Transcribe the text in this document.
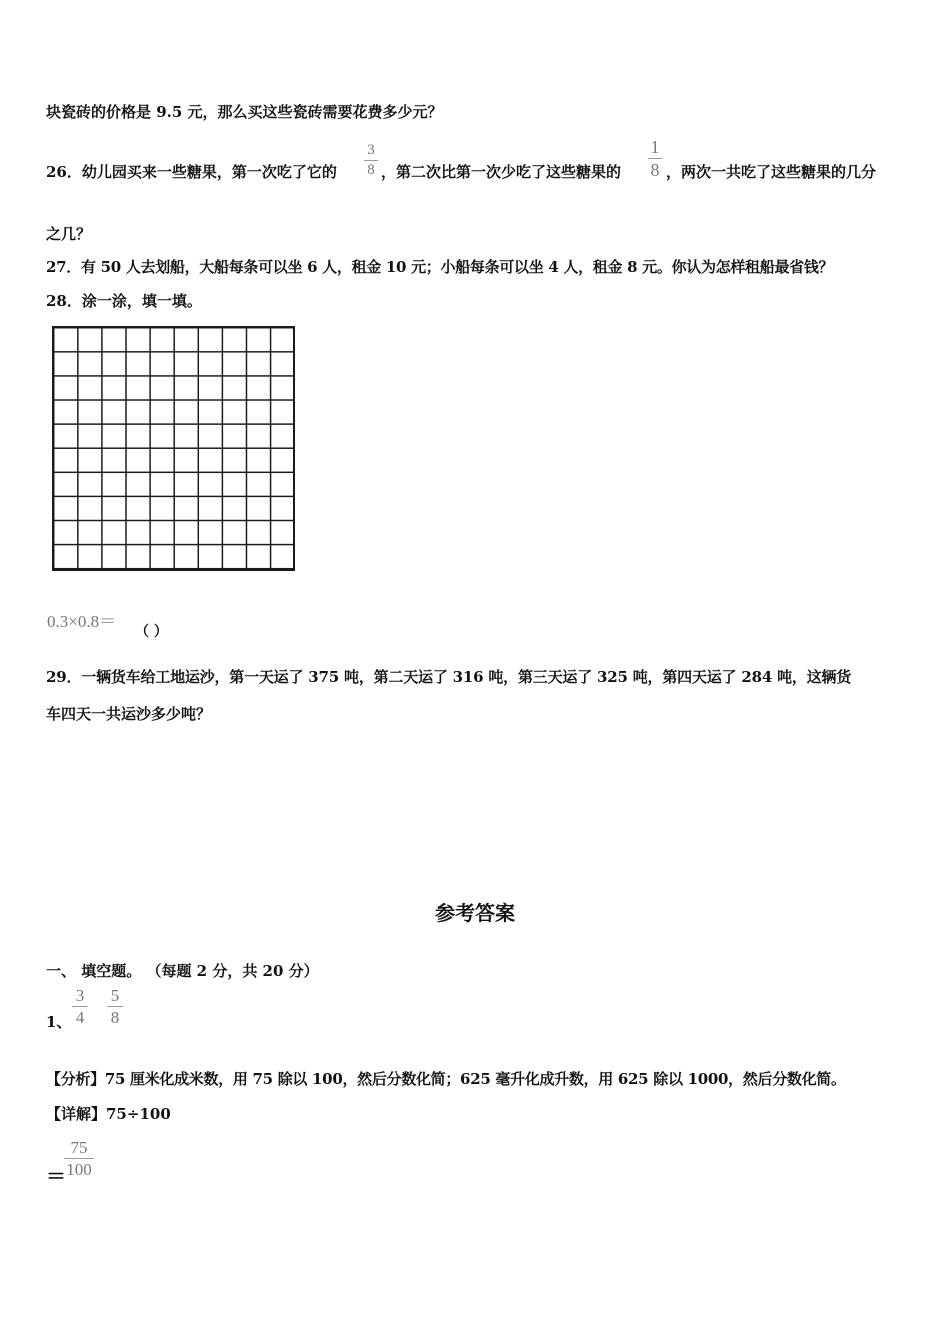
块瓷砖的价格是 9.5 元，那么买这些瓷砖需要花费多少元？
26．幼儿园买来一些糖果，第一次吃了它的
3
8 ，第二次比第一次少吃了这些糖果的
1
8 ，两次一共吃了这些糖果的几分
之几？
27．有 50 人去划船，大船每条可以坐 6 人，租金 10 元；小船每条可以坐 4 人，租金 8 元。你认为怎样租船最省钱？
28．涂一涂，填一填。
0.3×0.8＝
（ ）
29．一辆货车给工地运沙，第一天运了 375 吨，第二天运了 316 吨，第三天运了 325 吨，第四天运了 284 吨，这辆货
车四天一共运沙多少吨？
参考答案
一、 填空题。 （每题 2 分，共 20 分）
1、
3
4
5
8
【分析】75 厘米化成米数，用 75 除以 100，然后分数化简；625 毫升化成升数，用 625 除以 1000，然后分数化简。
【详解】75÷100
＝
75
100
